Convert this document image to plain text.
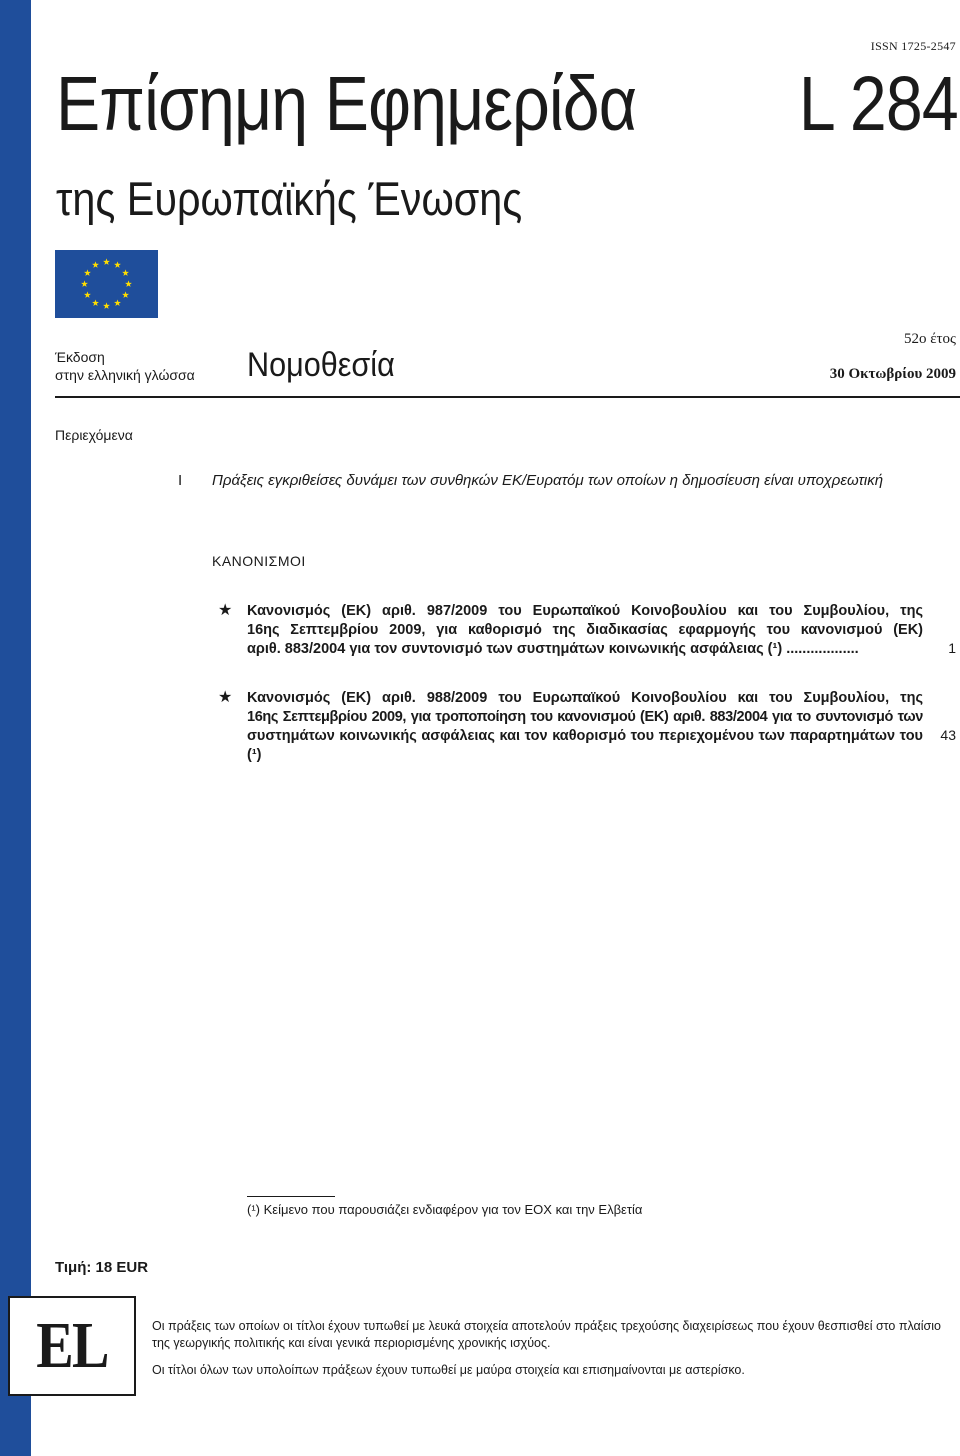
ISSN 1725-2547
Επίσημη Εφημερίδα L 284
της Ευρωπαϊκής Ένωσης
Έκδοση
στην ελληνική γλώσσα Νομοθεσία
52ο έτος
30 Οκτωβρίου 2009
Περιεχόμενα
I Πράξεις εγκριθείσες δυνάμει των συνθηκών ΕΚ/Ευρατόμ των οποίων η δημοσίευση είναι υποχρεωτική
ΚΑΝΟΝΙΣΜΟΙ
★ Κανονισμός (ΕΚ) αριθ. 987/2009 του Ευρωπαϊκού Κοινοβουλίου και του Συμβουλίου, της
16ης Σεπτεμβρίου 2009, για καθορισμό της διαδικασίας εφαρμογής του κανονισμού (ΕΚ)
αριθ. 883/2004 για τον συντονισμό των συστημάτων κοινωνικής ασφάλειας (¹) ..................	1
★ Κανονισμός (ΕΚ) αριθ. 988/2009 του Ευρωπαϊκού Κοινοβουλίου και του Συμβουλίου, της
16ης Σεπτεμβρίου 2009, για τροποποίηση του κανονισμού (ΕΚ) αριθ. 883/2004 για το συντονισμό των
συστημάτων κοινωνικής ασφάλειας και τον καθορισμό του περιεχομένου των παραρτημάτων του (¹)
43
(¹) Κείμενο που παρουσιάζει ενδιαφέρον για τον ΕΟΧ και την Ελβετία
Τιμή: 18 EUR
EL	Οι πράξεις των οποίων οι τίτλοι έχουν τυπωθεί με λευκά στοιχεία αποτελούν πράξεις τρεχούσης διαχειρίσεως που έχουν θεσπισθεί στο πλαίσιο της γεωργικής πολιτικής και είναι γενικά περιορισμένης χρονικής ισχύος.
Οι τίτλοι όλων των υπολοίπων πράξεων έχουν τυπωθεί με μαύρα στοιχεία και επισημαίνονται με αστερίσκο.
